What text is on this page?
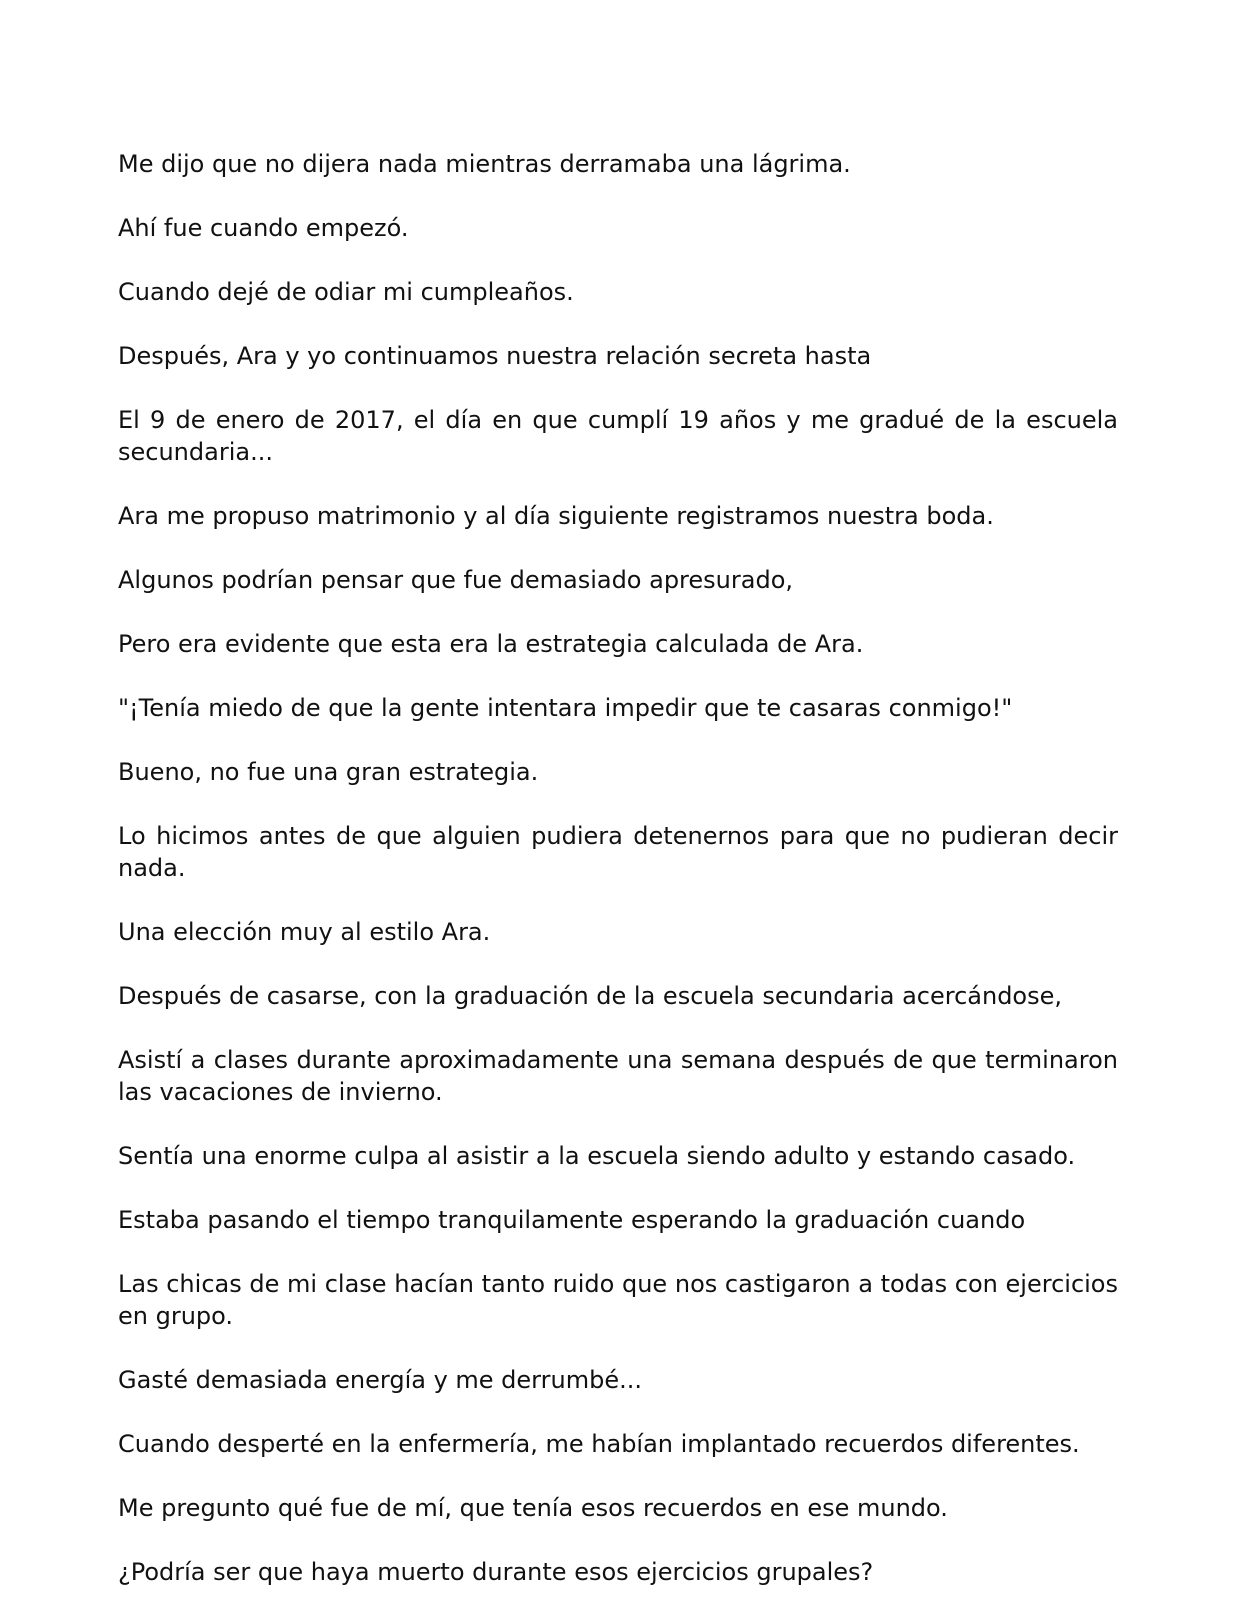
Me dijo que no dijera nada mientras derramaba una lágrima.

Ahí fue cuando empezó.

Cuando dejé de odiar mi cumpleaños.

Después, Ara y yo continuamos nuestra relación secreta hasta

El 9 de enero de 2017, el día en que cumplí 19 años y me gradué de la escuela secundaria...

Ara me propuso matrimonio y al día siguiente registramos nuestra boda.

Algunos podrían pensar que fue demasiado apresurado,

Pero era evidente que esta era la estrategia calculada de Ara.

"¡Tenía miedo de que la gente intentara impedir que te casaras conmigo!"

Bueno, no fue una gran estrategia.

Lo hicimos antes de que alguien pudiera detenernos para que no pudieran decir nada.

Una elección muy al estilo Ara.

Después de casarse, con la graduación de la escuela secundaria acercándose,

Asistí a clases durante aproximadamente una semana después de que terminaron las vacaciones de invierno.

Sentía una enorme culpa al asistir a la escuela siendo adulto y estando casado.

Estaba pasando el tiempo tranquilamente esperando la graduación cuando

Las chicas de mi clase hacían tanto ruido que nos castigaron a todas con ejercicios en grupo.

Gasté demasiada energía y me derrumbé...

Cuando desperté en la enfermería, me habían implantado recuerdos diferentes.

Me pregunto qué fue de mí, que tenía esos recuerdos en ese mundo.

¿Podría ser que haya muerto durante esos ejercicios grupales?
